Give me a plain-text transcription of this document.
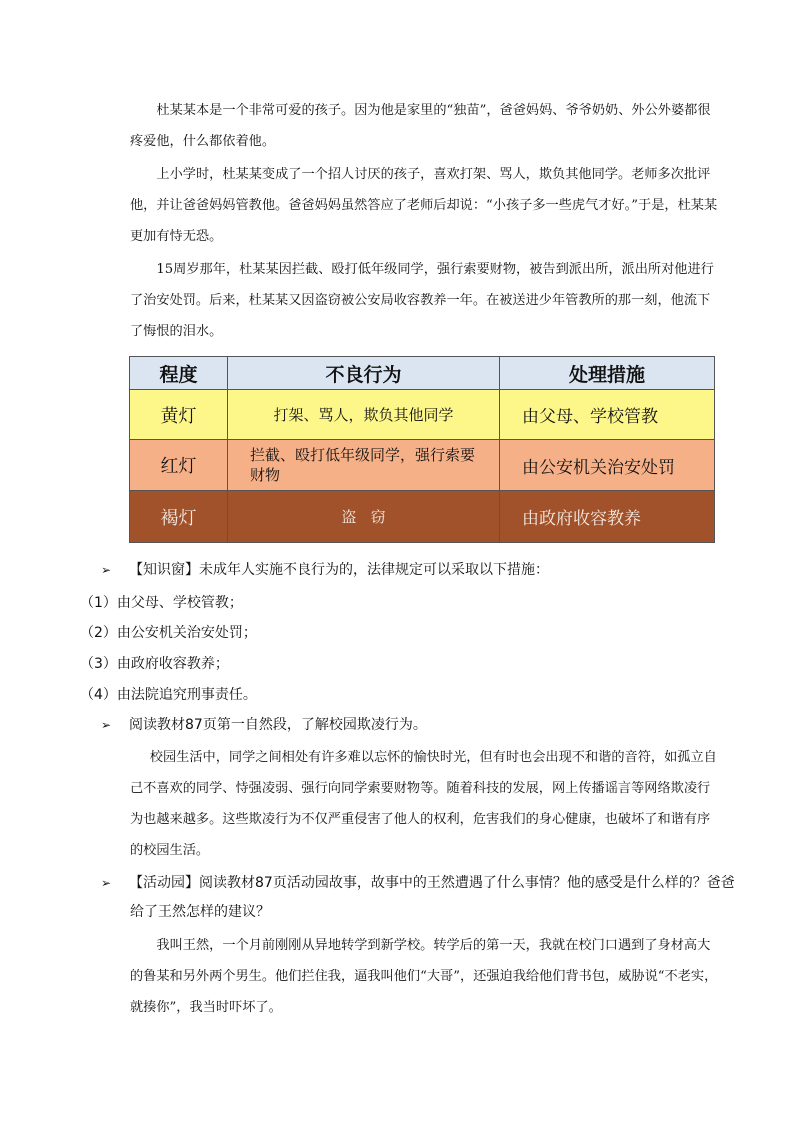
杜某某本是一个非常可爱的孩子。因为他是家里的“独苗”，爸爸妈妈、爷爷奶奶、外公外婆都很疼爱他，什么都依着他。

上小学时，杜某某变成了一个招人讨厌的孩子，喜欢打架、骂人，欺负其他同学。老师多次批评他，并让爸爸妈妈管教他。爸爸妈妈虽然答应了老师后却说：“小孩子多一些虎气才好。”于是，杜某某更加有恃无恐。

15周岁那年，杜某某因拦截、殴打低年级同学，强行索要财物，被告到派出所，派出所对他进行了治安处罚。后来，杜某某又因盗窃被公安局收容教养一年。在被送进少年管教所的那一刻，他流下了悔恨的泪水。

程度	不良行为	处理措施
黄灯	打架、骂人，欺负其他同学	由父母、学校管教
红灯	拦截、殴打低年级同学，强行索要财物	由公安机关治安处罚
褐灯	盗   窃	由政府收容教养

➢ 【知识窗】未成年人实施不良行为的，法律规定可以采取以下措施：

（1）由父母、学校管教；

（2）由公安机关治安处罚；

（3）由政府收容教养；

（4）由法院追究刑事责任。

➢ 阅读教材87页第一自然段，了解校园欺凌行为。

校园生活中，同学之间相处有许多难以忘怀的愉快时光，但有时也会出现不和谐的音符，如孤立自己不喜欢的同学、恃强凌弱、强行向同学索要财物等。随着科技的发展，网上传播谣言等网络欺凌行为也越来越多。这些欺凌行为不仅严重侵害了他人的权利，危害我们的身心健康，也破坏了和谐有序的校园生活。

➢ 【活动园】阅读教材87页活动园故事，故事中的王然遭遇了什么事情？他的感受是什么样的？爸爸

给了王然怎样的建议？

我叫王然，一个月前刚刚从异地转学到新学校。转学后的第一天，我就在校门口遇到了身材高大的鲁某和另外两个男生。他们拦住我，逼我叫他们“大哥”，还强迫我给他们背书包，威胁说“不老实，就揍你”，我当时吓坏了。
